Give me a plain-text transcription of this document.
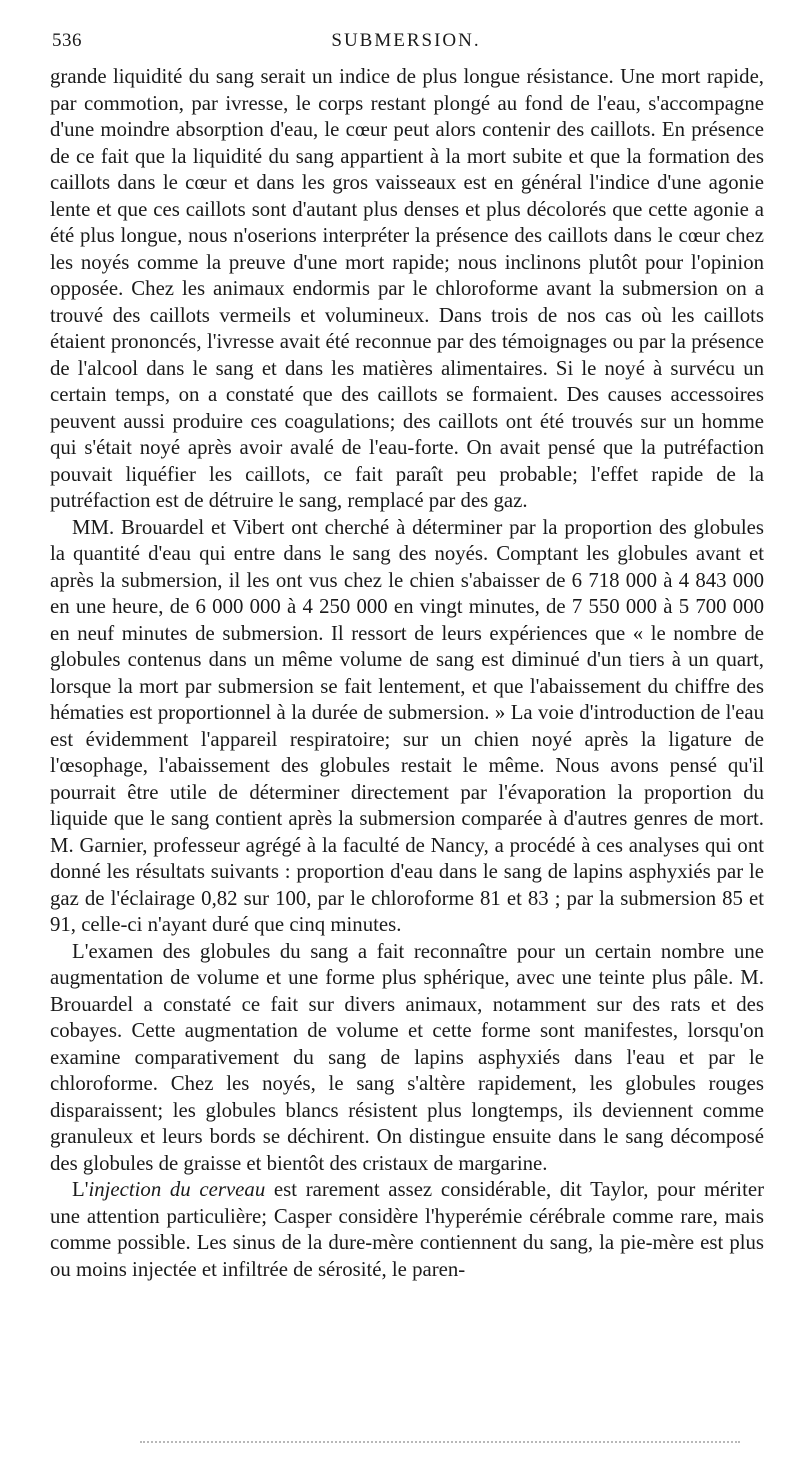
536	SUBMERSION.

grande liquidité du sang serait un indice de plus longue résistance. Une mort rapide, par commotion, par ivresse, le corps restant plongé au fond de l'eau, s'accompagne d'une moindre absorption d'eau, le cœur peut alors contenir des caillots. En présence de ce fait que la liquidité du sang appartient à la mort subite et que la formation des caillots dans le cœur et dans les gros vaisseaux est en général l'indice d'une agonie lente et que ces caillots sont d'autant plus denses et plus décolorés que cette agonie a été plus longue, nous n'oserions interpréter la présence des caillots dans le cœur chez les noyés comme la preuve d'une mort rapide; nous inclinons plutôt pour l'opinion opposée. Chez les animaux endormis par le chloroforme avant la submersion on a trouvé des caillots vermeils et volumineux. Dans trois de nos cas où les caillots étaient prononcés, l'ivresse avait été reconnue par des témoignages ou par la présence de l'alcool dans le sang et dans les matières alimentaires. Si le noyé à survécu un certain temps, on a constaté que des caillots se formaient. Des causes accessoires peuvent aussi produire ces coagulations; des caillots ont été trouvés sur un homme qui s'était noyé après avoir avalé de l'eau-forte. On avait pensé que la putréfaction pouvait liquéfier les caillots, ce fait paraît peu probable; l'effet rapide de la putréfaction est de détruire le sang, remplacé par des gaz.

MM. Brouardel et Vibert ont cherché à déterminer par la proportion des globules la quantité d'eau qui entre dans le sang des noyés. Comptant les globules avant et après la submersion, il les ont vus chez le chien s'abaisser de 6 718 000 à 4 843 000 en une heure, de 6 000 000 à 4 250 000 en vingt minutes, de 7 550 000 à 5 700 000 en neuf minutes de submersion. Il ressort de leurs expériences que « le nombre de globules contenus dans un même volume de sang est diminué d'un tiers à un quart, lorsque la mort par submersion se fait lentement, et que l'abaissement du chiffre des hématies est proportionnel à la durée de submersion. » La voie d'introduction de l'eau est évidemment l'appareil respiratoire; sur un chien noyé après la ligature de l'œsophage, l'abaissement des globules restait le même. Nous avons pensé qu'il pourrait être utile de déterminer directement par l'évaporation la proportion du liquide que le sang contient après la submersion comparée à d'autres genres de mort. M. Garnier, professeur agrégé à la faculté de Nancy, a procédé à ces analyses qui ont donné les résultats suivants : proportion d'eau dans le sang de lapins asphyxiés par le gaz de l'éclairage 0,82 sur 100, par le chloroforme 81 et 83 ; par la submersion 85 et 91, celle-ci n'ayant duré que cinq minutes.

L'examen des globules du sang a fait reconnaître pour un certain nombre une augmentation de volume et une forme plus sphérique, avec une teinte plus pâle. M. Brouardel a constaté ce fait sur divers animaux, notamment sur des rats et des cobayes. Cette augmentation de volume et cette forme sont manifestes, lorsqu'on examine comparativement du sang de lapins asphyxiés dans l'eau et par le chloroforme. Chez les noyés, le sang s'altère rapidement, les globules rouges disparaissent; les globules blancs résistent plus longtemps, ils deviennent comme granuleux et leurs bords se déchirent. On distingue ensuite dans le sang décomposé des globules de graisse et bientôt des cristaux de margarine.

L'injection du cerveau est rarement assez considérable, dit Taylor, pour mériter une attention particulière; Casper considère l'hyperémie cérébrale comme rare, mais comme possible. Les sinus de la dure-mère contiennent du sang, la pie-mère est plus ou moins injectée et infiltrée de sérosité, le paren-
